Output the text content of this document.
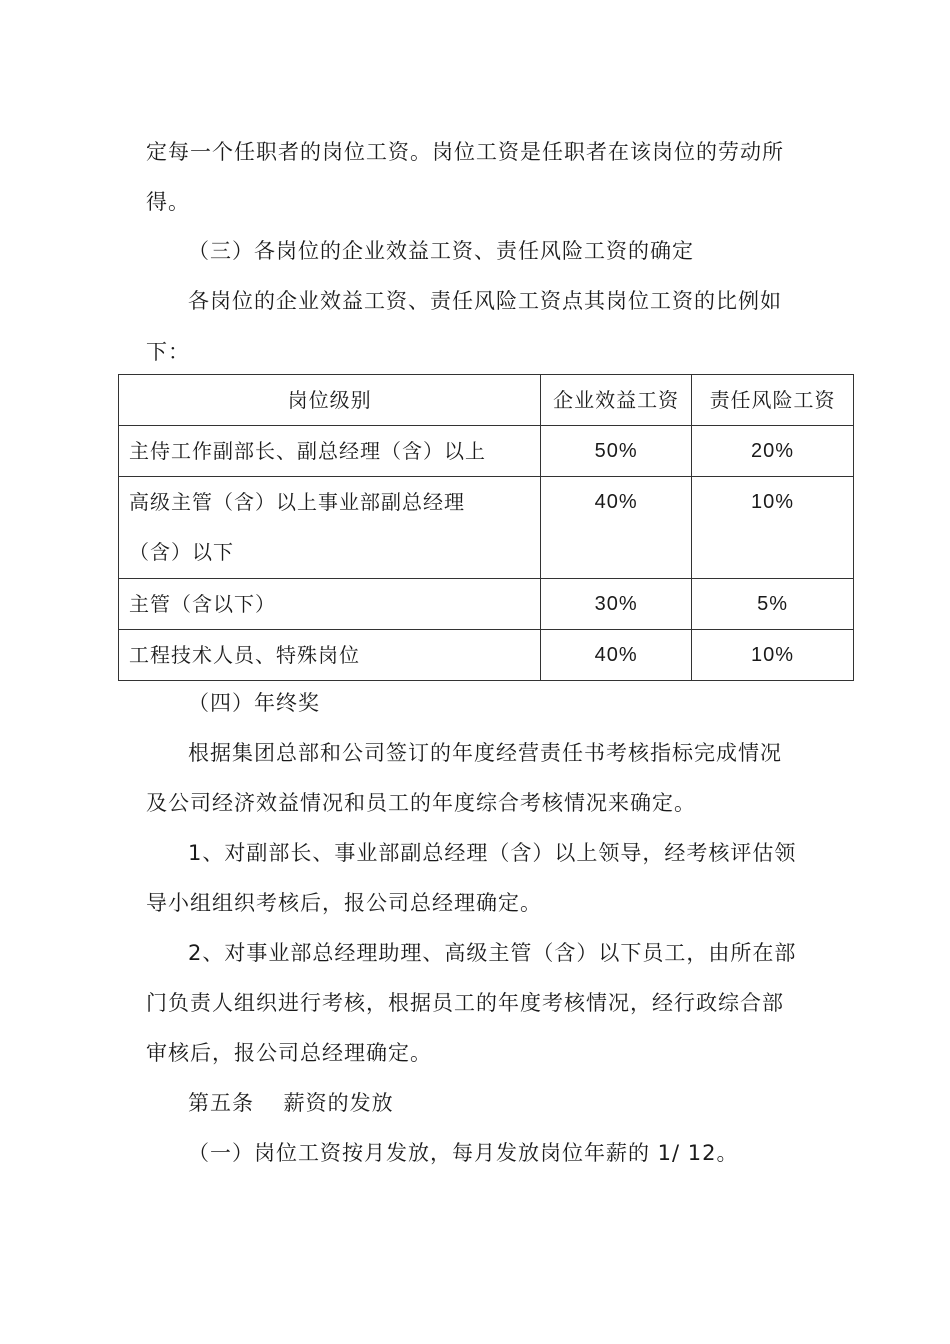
定每一个任职者的岗位工资。岗位工资是任职者在该岗位的劳动所
得。
（三）各岗位的企业效益工资、责任风险工资的确定
各岗位的企业效益工资、责任风险工资点其岗位工资的比例如
下：
岗位级别	企业效益工资	责任风险工资
主侍工作副部长、副总经理（含）以上	50%	20%

高级主管（含）以上事业部副总经理
（含）以下	40%	10%
主管（含以下）	30%	5%
工程技术人员、特殊岗位	40%	10%
（四）年终奖
根据集团总部和公司签订的年度经营责任书考核指标完成情况
及公司经济效益情况和员工的年度综合考核情况来确定。
1、对副部长、事业部副总经理（含）以上领导，经考核评估领
导小组组织考核后，报公司总经理确定。
2、对事业部总经理助理、高级主管（含）以下员工，由所在部
门负责人组织进行考核，根据员工的年度考核情况，经行政综合部
审核后，报公司总经理确定。
第五条　 薪资的发放
（一）岗位工资按月发放，每月发放岗位年薪的 1/ 12。
